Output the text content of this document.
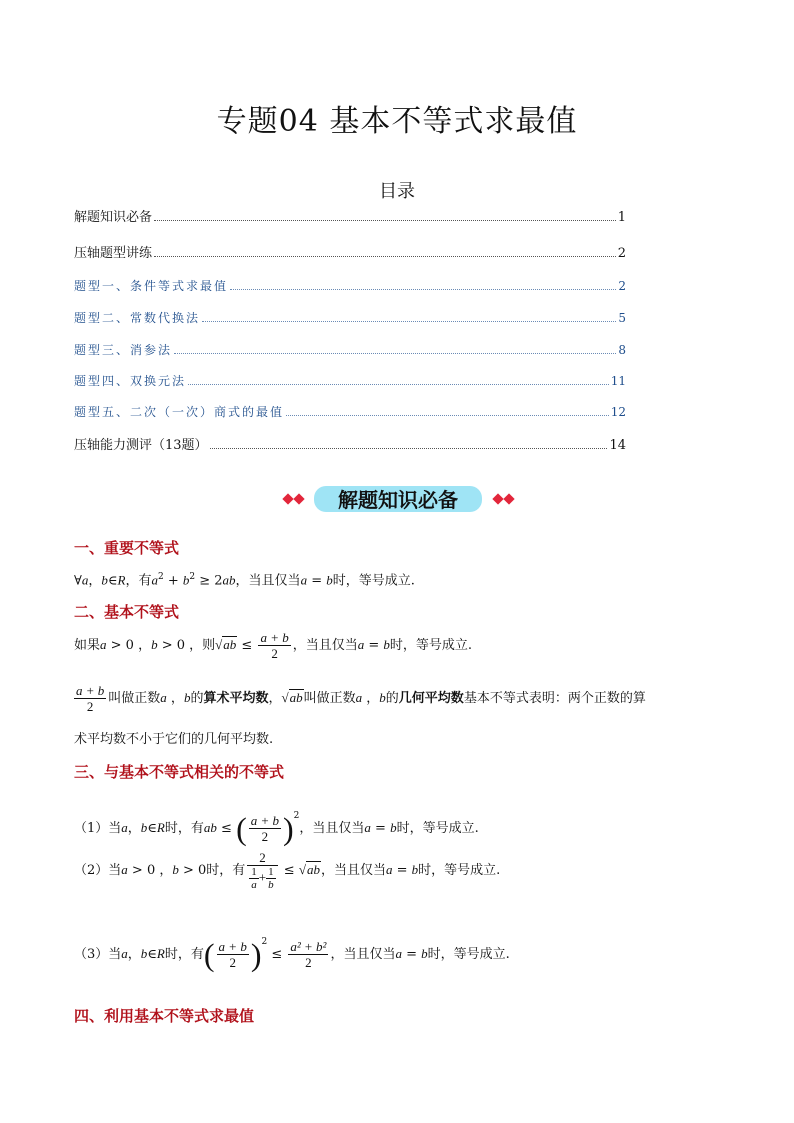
专题04 基本不等式求最值
目录
解题知识必备	1
压轴题型讲练	2
题型一、条件等式求最值	2
题型二、常数代换法	5
题型三、消参法	8
题型四、双换元法	11
题型五、二次（一次）商式的最值	12
压轴能力测评（13题）	14
解题知识必备
一、重要不等式
∀a，b∈R，有$a^2 + b^2 \ge 2ab$，当且仅当a = b时，等号成立.
二、基本不等式
如果a > 0 ，b > 0 ，则$√ab \le \frac{a + b}{2}$ ，当且仅当a = b时，等号成立.
$\frac{a + b}{2}$ 叫做正数a ，b的算术平均数，√ab叫做正数a ，b的几何平均数基本不等式表明：两个正数的算
术平均数不小于它们的几何平均数.
三、与基本不等式相关的不等式
（1）当a，b∈R时，有ab ≤ ( $\frac{a + b}{2} )^2$，当且仅当a = b时，等号成立.
（2）当a > 0 ，b > 0时，有 $\frac{2}{\frac{1}{a} + \frac{1}{b}} \le √ab$，当且仅当a = b时，等号成立.
（3）当a，b∈R时，有( $\frac{a + b}{2} )^2 \le \frac{\text{a² + b²}}{2}$ ，当且仅当a = b时，等号成立.
四、利用基本不等式求最值
